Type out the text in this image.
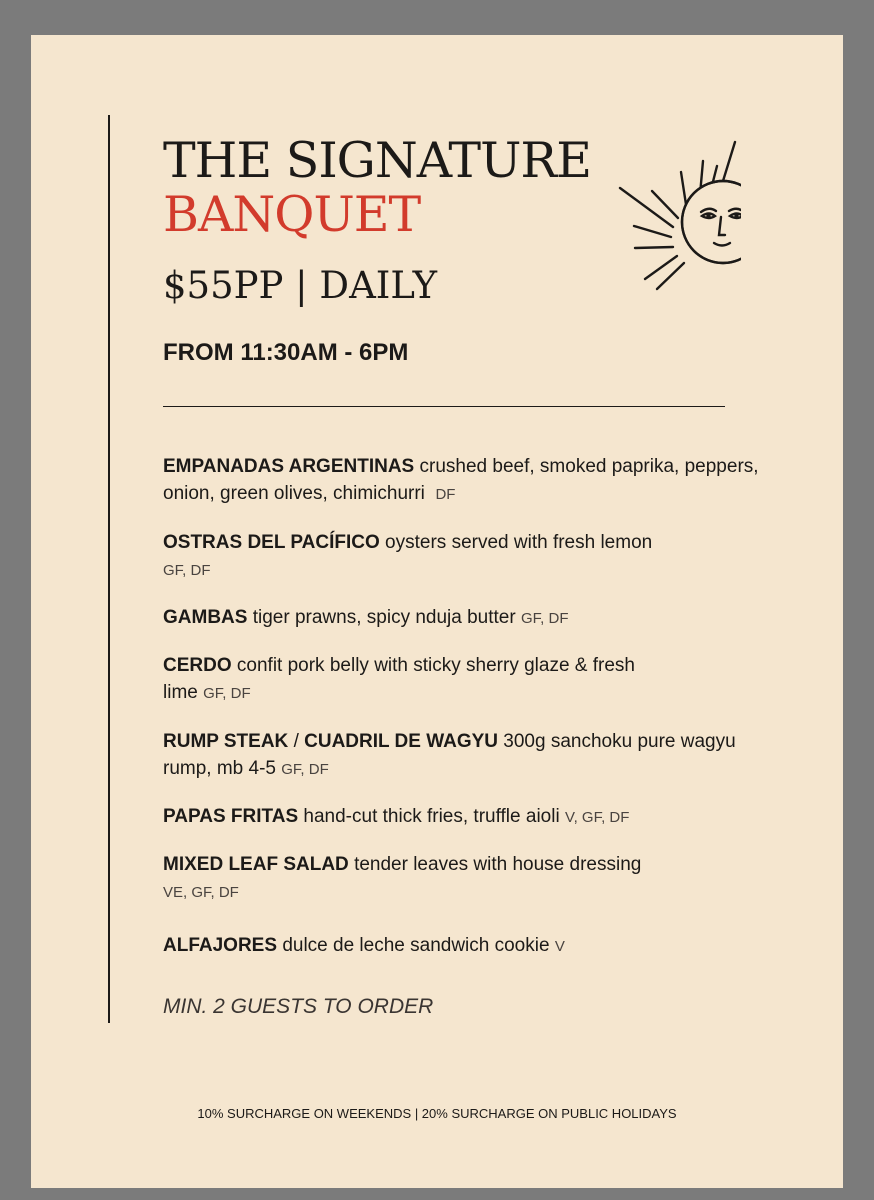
THE SIGNATURE
BANQUET
$55PP | DAILY
FROM 11:30AM - 6PM
EMPANADAS ARGENTINAS crushed beef, smoked paprika, peppers, onion, green olives, chimichurri DF
OSTRAS DEL PACÍFICO oysters served with fresh lemon
GF, DF
GAMBAS tiger prawns, spicy nduja butter GF, DF
CERDO confit pork belly with sticky sherry glaze & fresh lime GF, DF
RUMP STEAK / CUADRIL DE WAGYU 300g sanchoku pure wagyu rump, mb 4-5 GF, DF
PAPAS FRITAS hand-cut thick fries, truffle aioli V, GF, DF
MIXED LEAF SALAD tender leaves with house dressing
VE, GF, DF
ALFAJORES dulce de leche sandwich cookie V
MIN. 2 GUESTS TO ORDER
10% SURCHARGE ON WEEKENDS | 20% SURCHARGE ON PUBLIC HOLIDAYS
